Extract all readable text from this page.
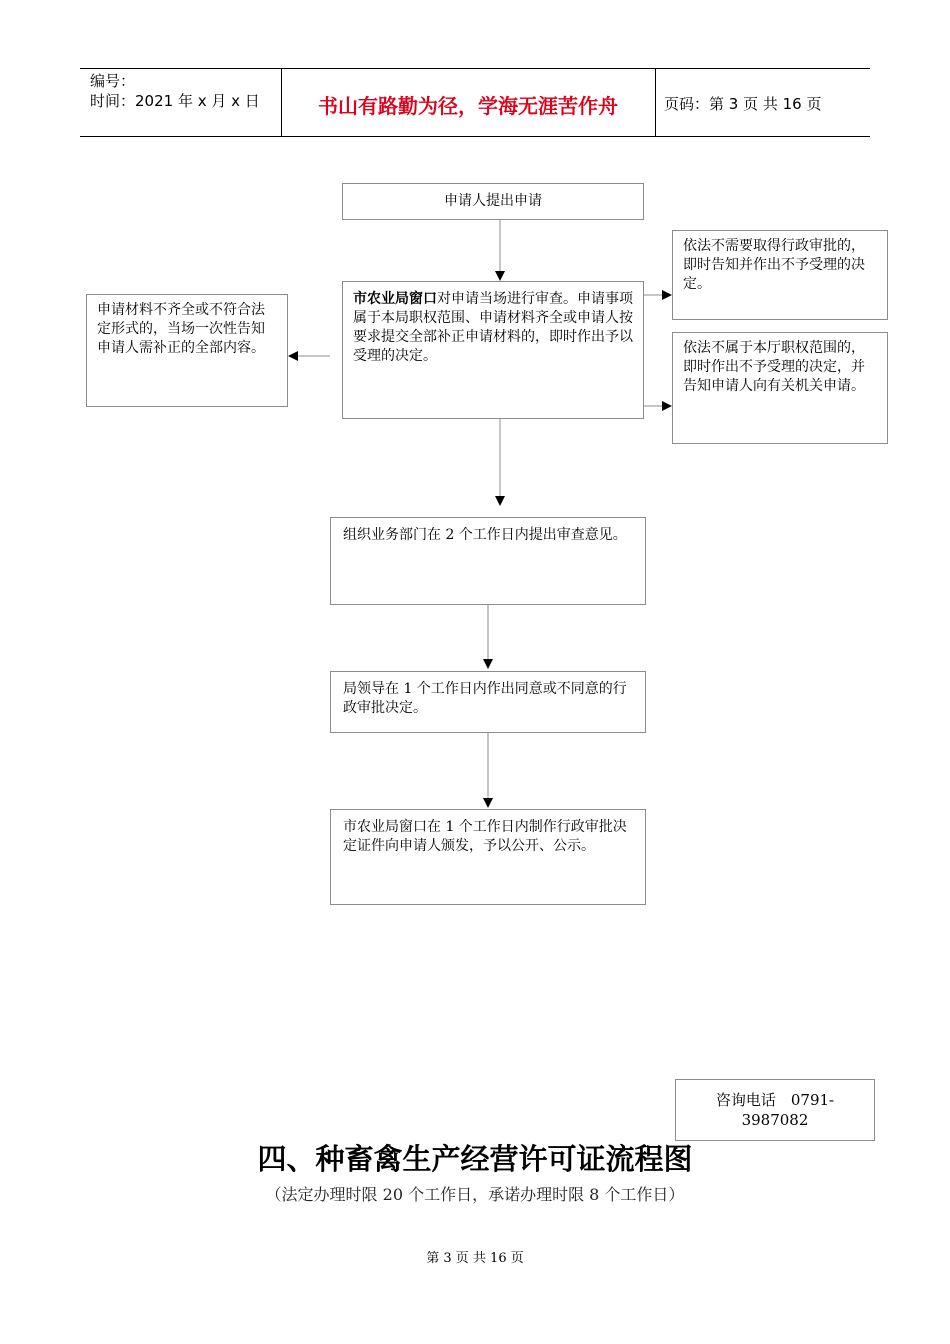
编号：
时间：2021 年 x 月 x 日	书山有路勤为径，学海无涯苦作舟	页码：第 3 页 共 16 页
申请人提出申请
市农业局窗口对申请当场进行审查。申请事项属于本局职权范围、申请材料齐全或申请人按要求提交全部补正申请材料的，即时作出予以受理的决定。
申请材料不齐全或不符合法定形式的，当场一次性告知申请人需补正的全部内容。
依法不需要取得行政审批的，即时告知并作出不予受理的决定。
依法不属于本厅职权范围的，即时作出不予受理的决定，并告知申请人向有关机关申请。
组织业务部门在 2 个工作日内提出审查意见。
局领导在 1 个工作日内作出同意或不同意的行政审批决定。
市农业局窗口在 1 个工作日内制作行政审批决定证件向申请人颁发，予以公开、公示。
咨询电话　0791-3987082
四、种畜禽生产经营许可证流程图
（法定办理时限 20 个工作日，承诺办理时限 8 个工作日）
第 3 页 共 16 页
